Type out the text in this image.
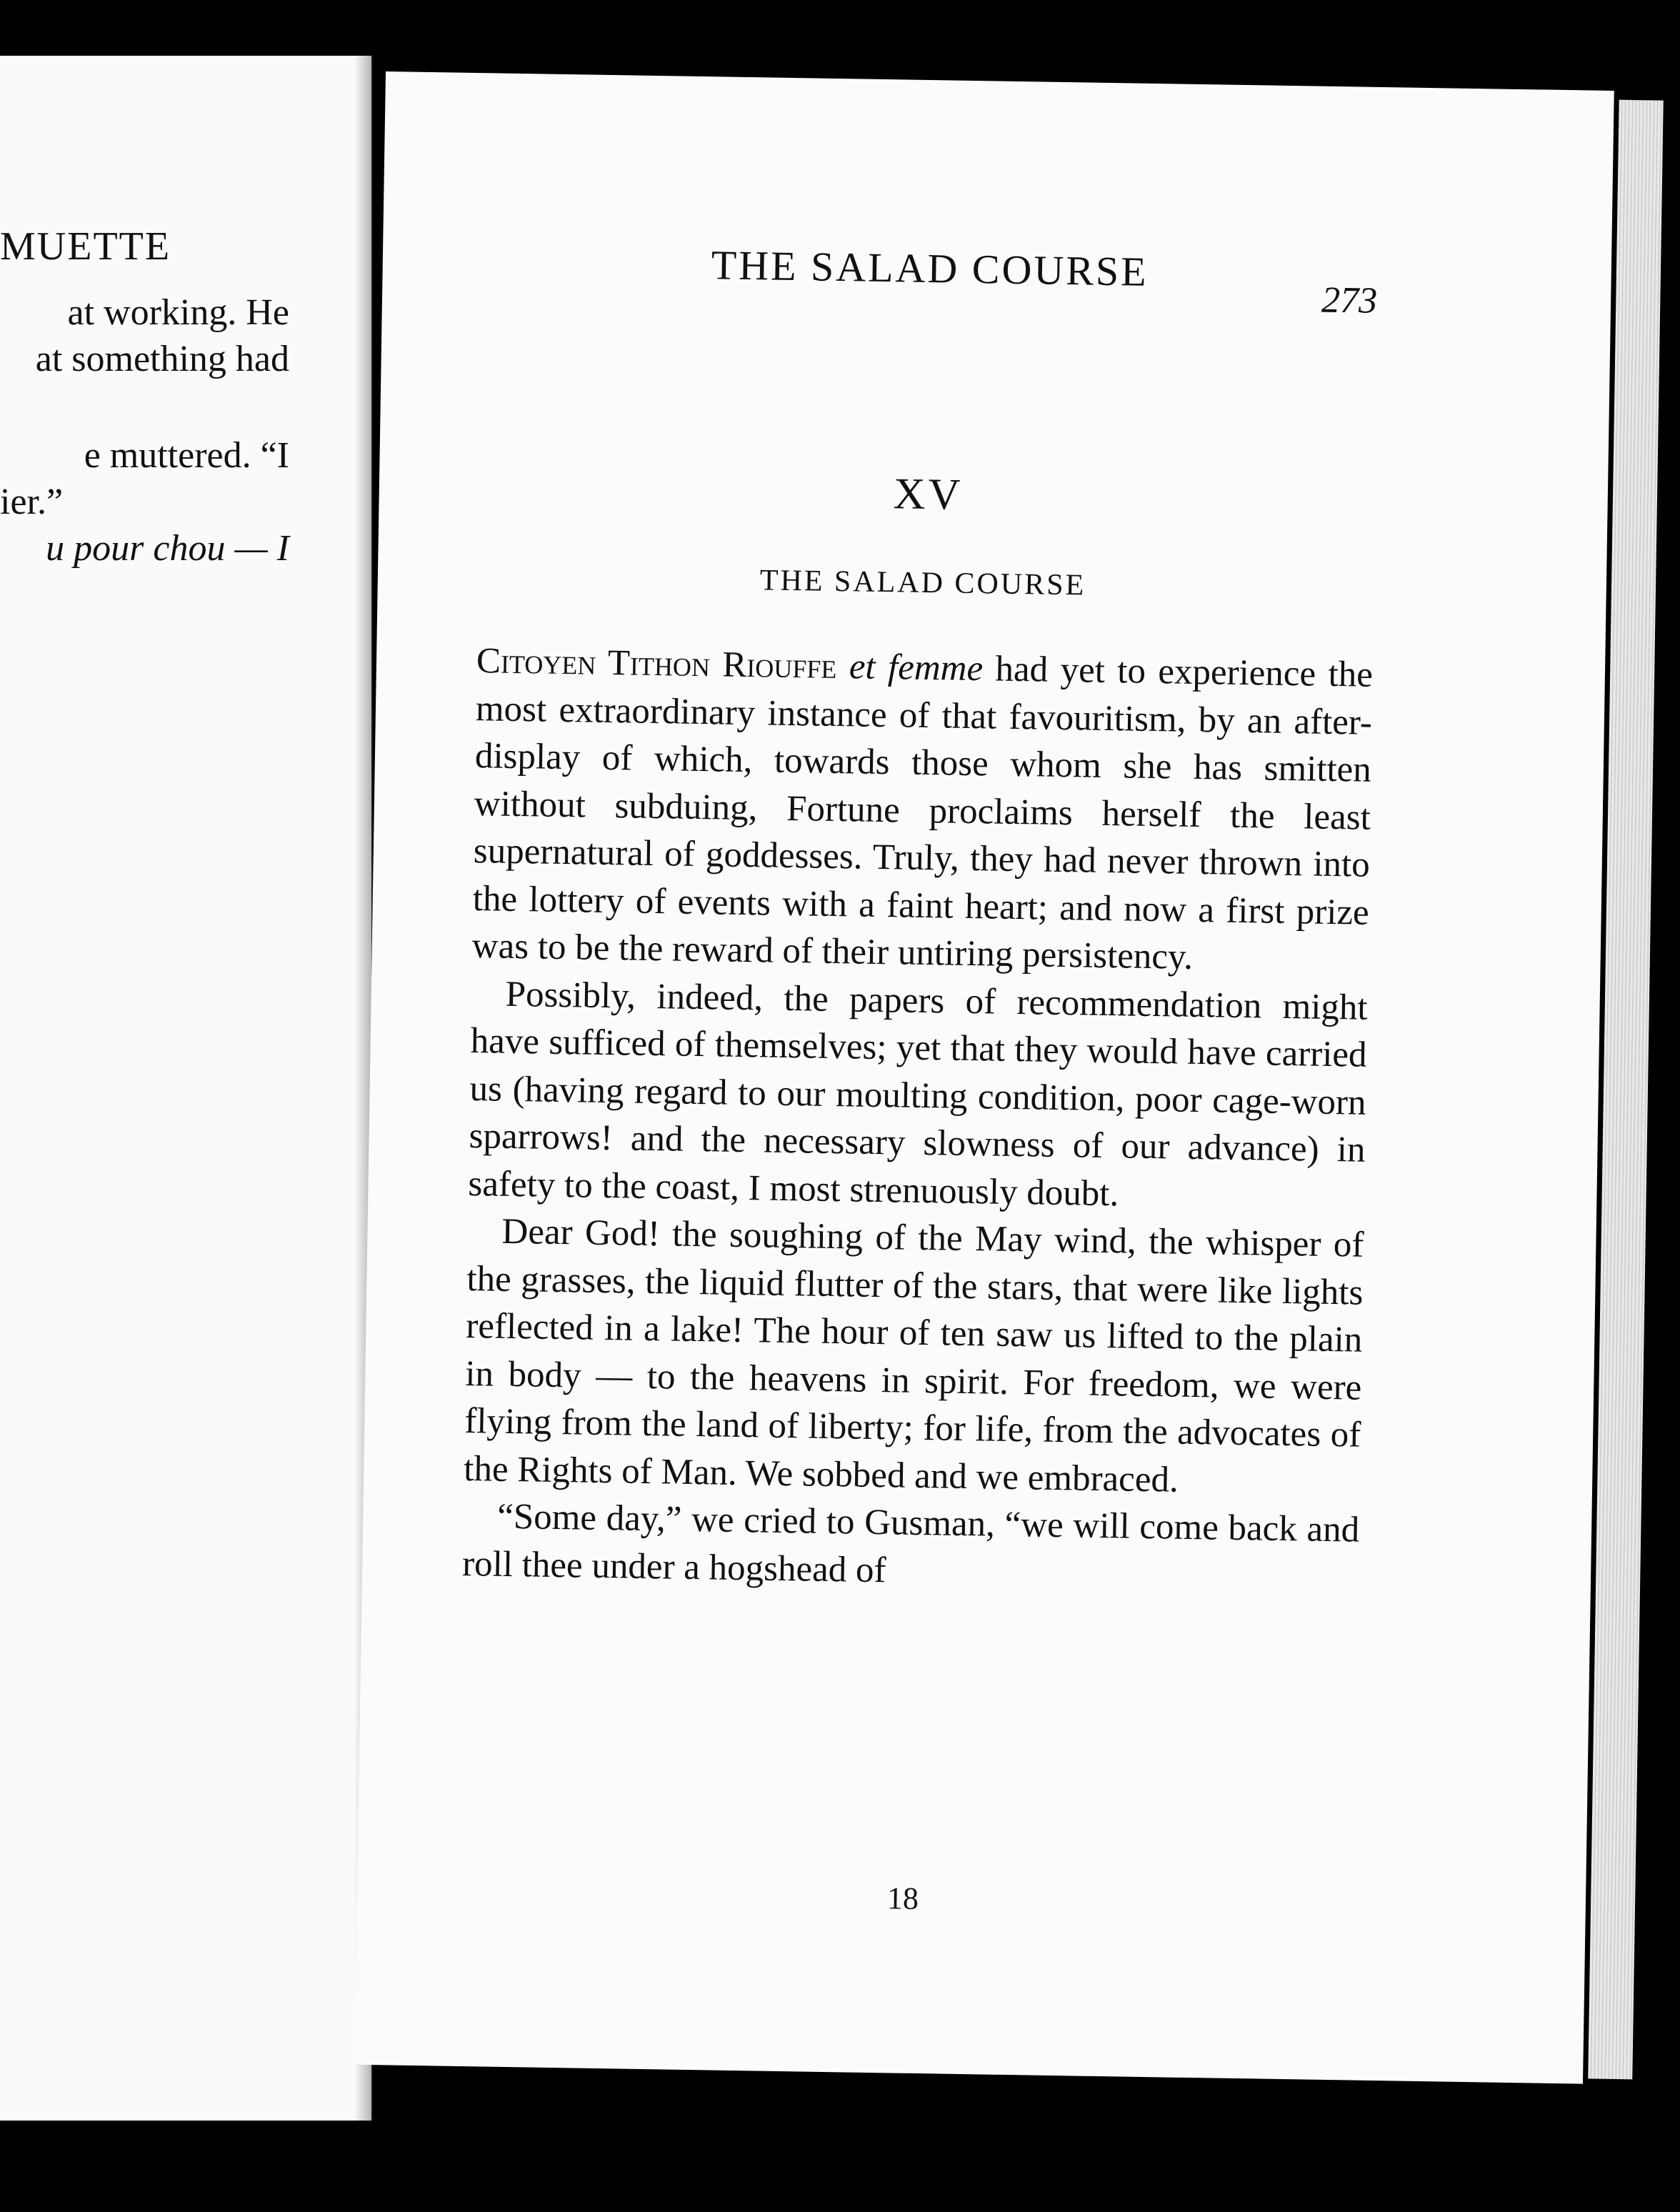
MUETTE
at working. He
at something had
e muttered. “I
ier.”
u pour chou — I
THE SALAD COURSE
273
XV
THE SALAD COURSE

Citoyen Tithon Riouffe et femme had yet to experience the most extraordinary instance of that favouritism, by an after-display of which, towards those whom she has smitten without subduing, Fortune proclaims herself the least supernatural of goddesses. Truly, they had never thrown into the lottery of events with a faint heart; and now a first prize was to be the reward of their untiring persistency.

Possibly, indeed, the papers of recommendation might have sufficed of themselves; yet that they would have carried us (having regard to our moulting condition, poor cage-worn sparrows! and the necessary slowness of our advance) in safety to the coast, I most strenuously doubt.

Dear God! the soughing of the May wind, the whisper of the grasses, the liquid flutter of the stars, that were like lights reflected in a lake! The hour of ten saw us lifted to the plain in body — to the heavens in spirit. For freedom, we were flying from the land of liberty; for life, from the advocates of the Rights of Man. We sobbed and we embraced.

“Some day,” we cried to Gusman, “we will come back and roll thee under a hogshead of

18
